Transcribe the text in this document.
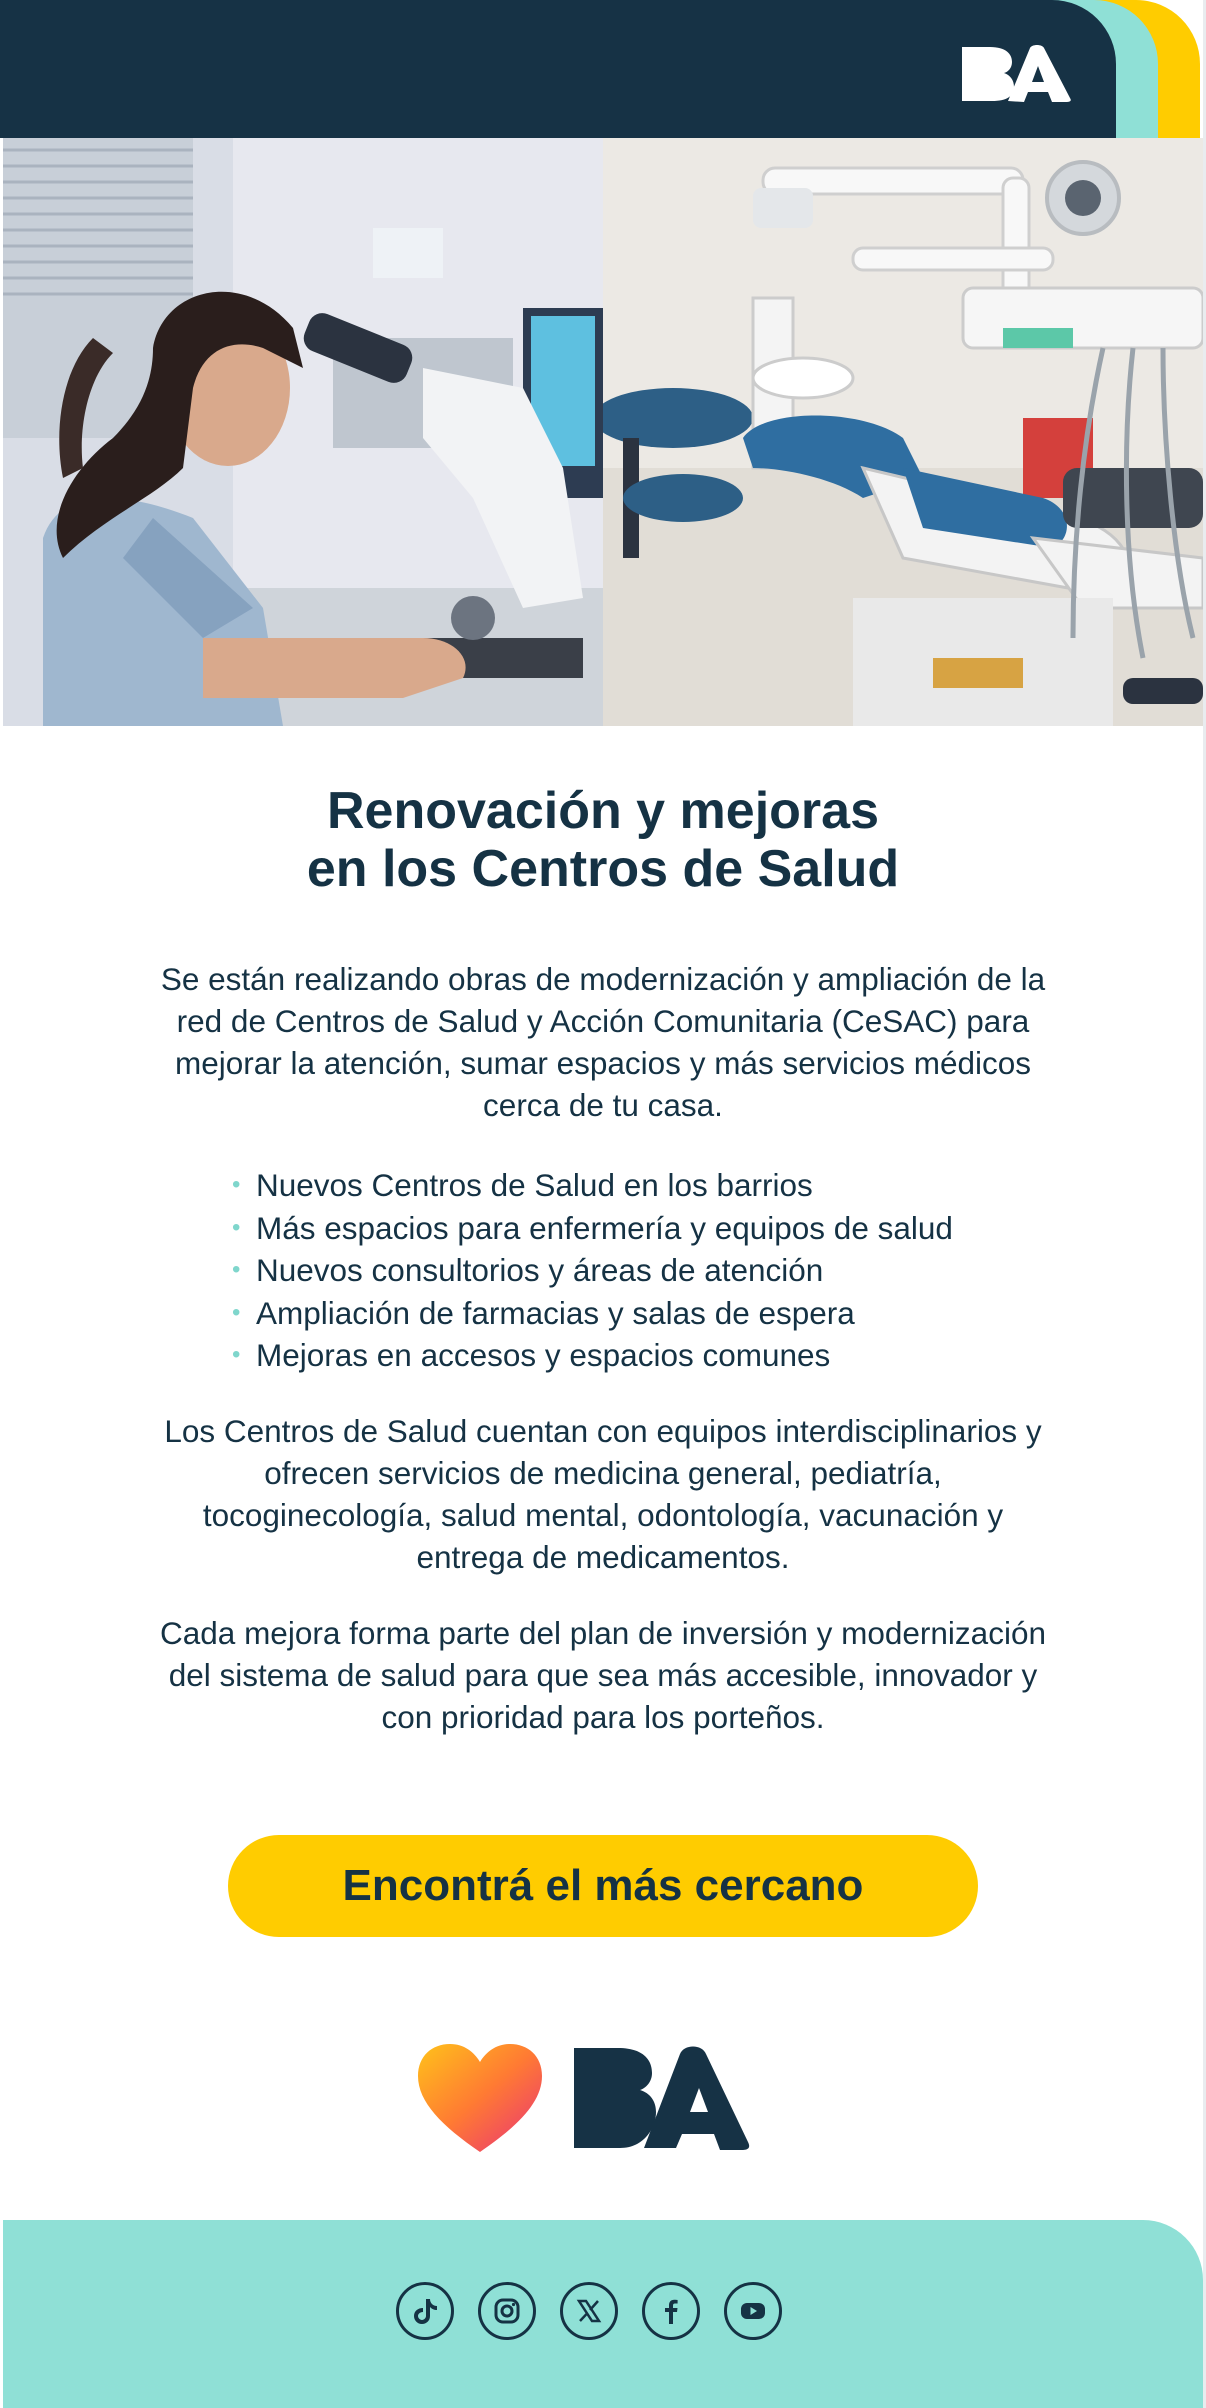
Renovación y mejoras
en los Centros de Salud

Se están realizando obras de modernización y ampliación de la red de Centros de Salud y Acción Comunitaria (CeSAC) para mejorar la atención, sumar espacios y más servicios médicos cerca de tu casa.

• Nuevos Centros de Salud en los barrios
• Más espacios para enfermería y equipos de salud
• Nuevos consultorios y áreas de atención
• Ampliación de farmacias y salas de espera
• Mejoras en accesos y espacios comunes

Los Centros de Salud cuentan con equipos interdisciplinarios y ofrecen servicios de medicina general, pediatría, tocoginecología, salud mental, odontología, vacunación y entrega de medicamentos.

Cada mejora forma parte del plan de inversión y modernización del sistema de salud para que sea más accesible, innovador y con prioridad para los porteños.

Encontrá el más cercano
